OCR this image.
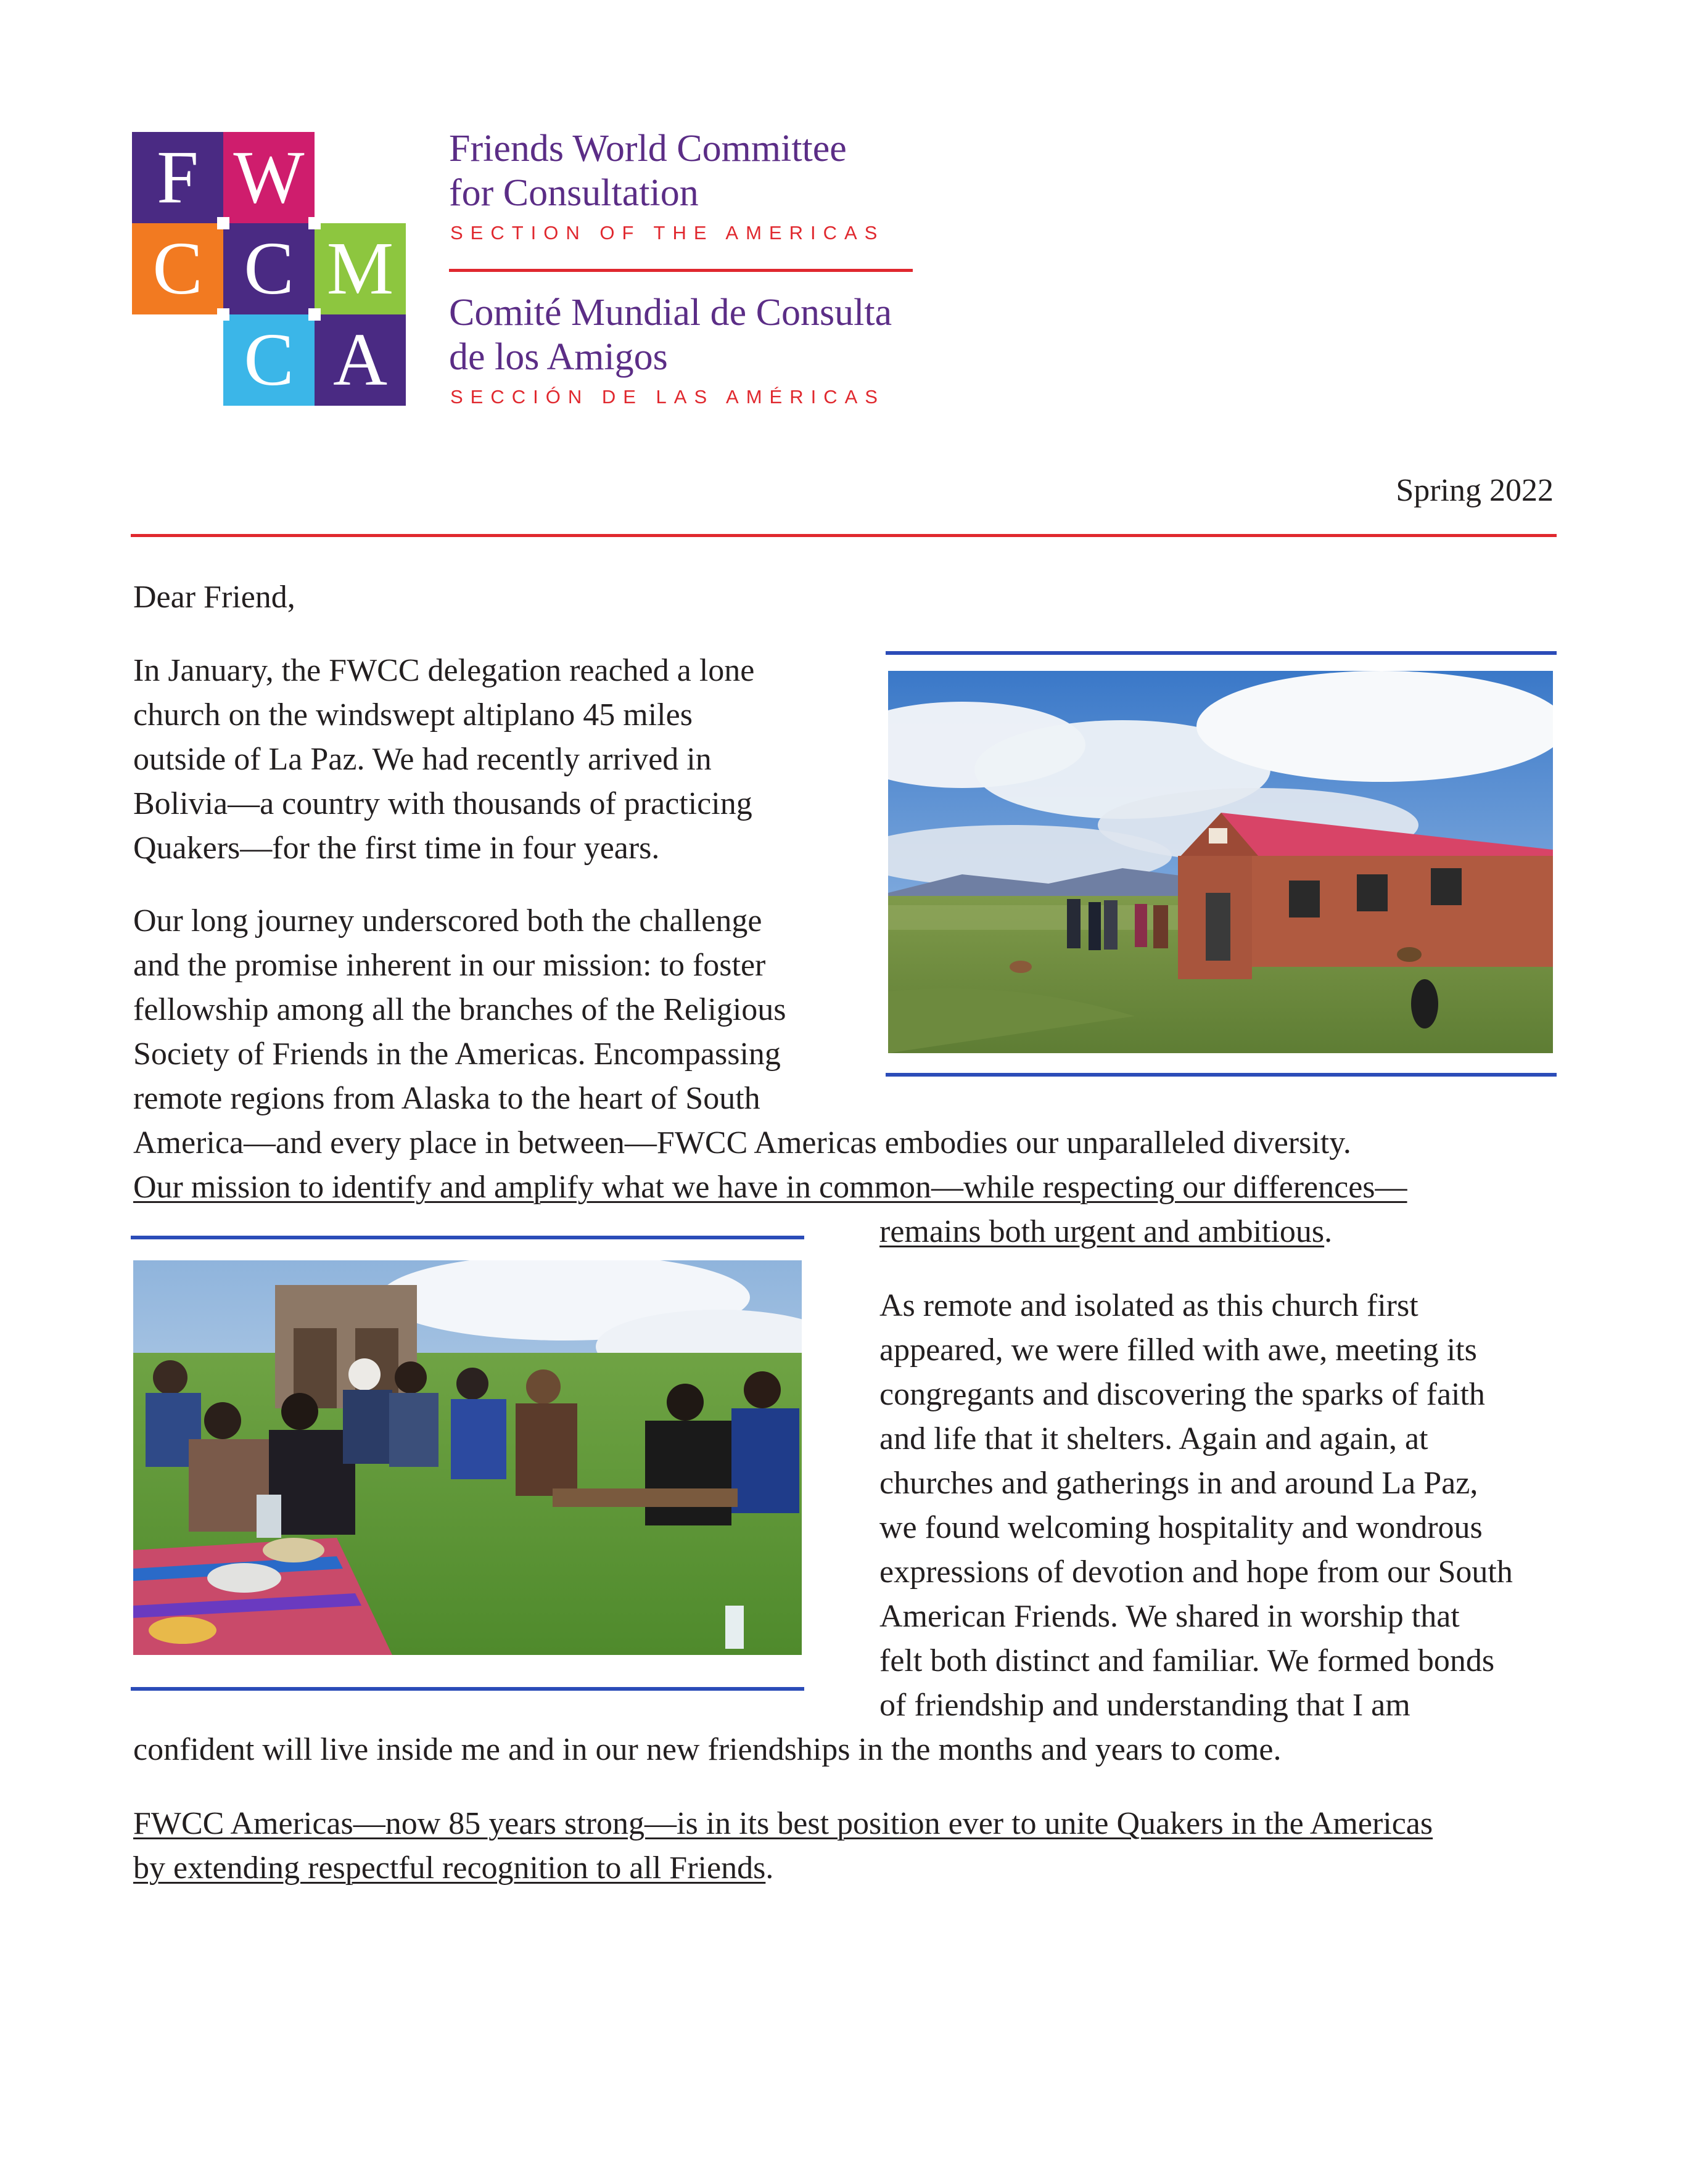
F W
C C M
C A
Friends World Committee
for Consultation
SECTION OF THE AMERICAS
Comité Mundial de Consulta
de los Amigos
SECCIÓN DE LAS AMÉRICAS
Spring 2022
Dear Friend,
In January, the FWCC delegation reached a lone
church on the windswept altiplano 45 miles
outside of La Paz. We had recently arrived in
Bolivia—a country with thousands of practicing
Quakers—for the first time in four years.
Our long journey underscored both the challenge
and the promise inherent in our mission: to foster
fellowship among all the branches of the Religious
Society of Friends in the Americas. Encompassing
remote regions from Alaska to the heart of South
America—and every place in between—FWCC Americas embodies our unparalleled diversity.
Our mission to identify and amplify what we have in common—while respecting our differences—
remains both urgent and ambitious.
As remote and isolated as this church first
appeared, we were filled with awe, meeting its
congregants and discovering the sparks of faith
and life that it shelters. Again and again, at
churches and gatherings in and around La Paz,
we found welcoming hospitality and wondrous
expressions of devotion and hope from our South
American Friends. We shared in worship that
felt both distinct and familiar. We formed bonds
of friendship and understanding that I am
confident will live inside me and in our new friendships in the months and years to come.
FWCC Americas—now 85 years strong—is in its best position ever to unite Quakers in the Americas
by extending respectful recognition to all Friends.
